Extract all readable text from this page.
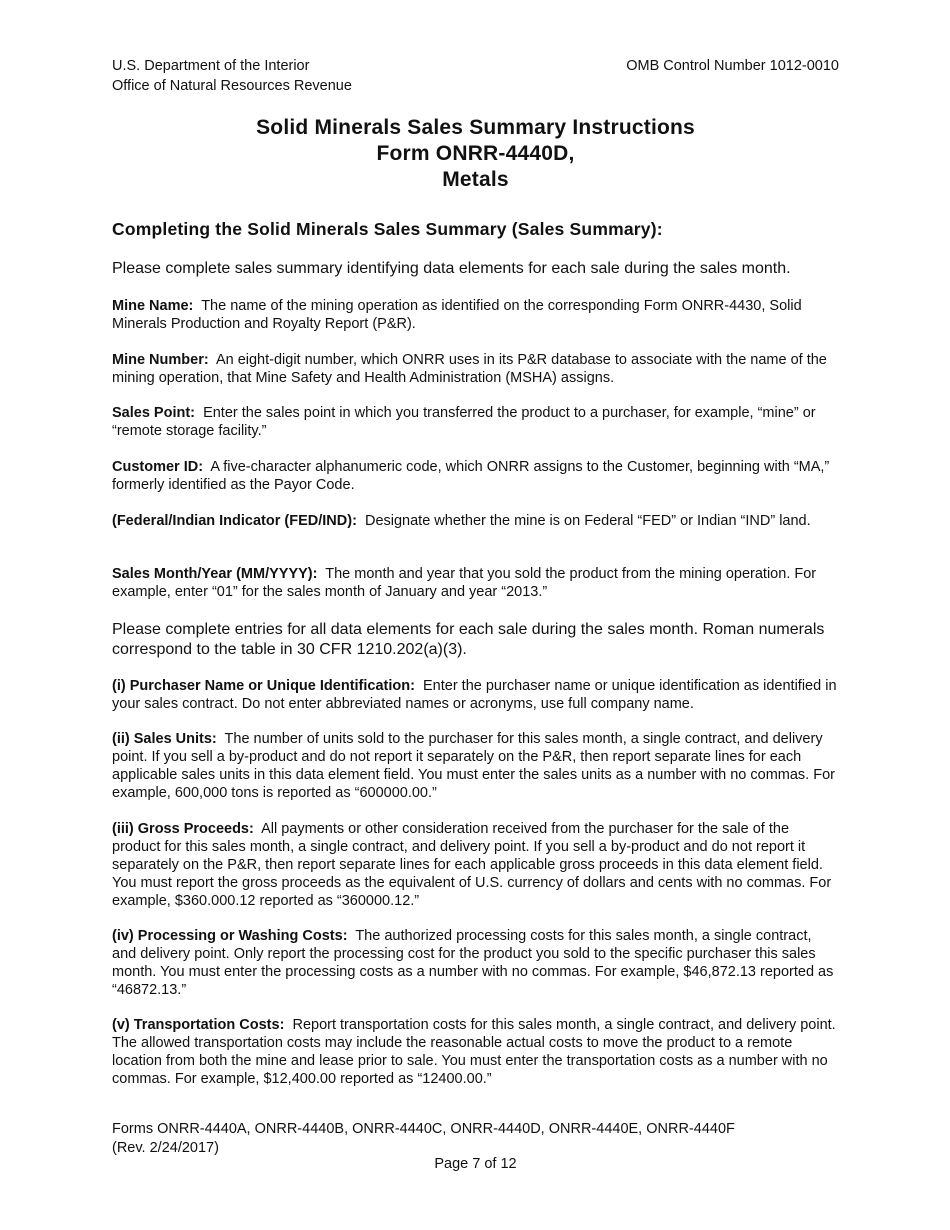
U.S. Department of the Interior
Office of Natural Resources Revenue
OMB Control Number 1012-0010
Solid Minerals Sales Summary Instructions
Form ONRR-4440D,
Metals
Completing the Solid Minerals Sales Summary (Sales Summary):
Please complete sales summary identifying data elements for each sale during the sales month.
Mine Name: The name of the mining operation as identified on the corresponding Form ONRR-4430, Solid Minerals Production and Royalty Report (P&R).
Mine Number: An eight-digit number, which ONRR uses in its P&R database to associate with the name of the mining operation, that Mine Safety and Health Administration (MSHA) assigns.
Sales Point: Enter the sales point in which you transferred the product to a purchaser, for example, “mine” or “remote storage facility.”
Customer ID: A five-character alphanumeric code, which ONRR assigns to the Customer, beginning with “MA,” formerly identified as the Payor Code.
(Federal/Indian Indicator (FED/IND): Designate whether the mine is on Federal “FED” or Indian “IND” land.
Sales Month/Year (MM/YYYY): The month and year that you sold the product from the mining operation. For example, enter “01” for the sales month of January and year “2013.”
Please complete entries for all data elements for each sale during the sales month. Roman numerals correspond to the table in 30 CFR 1210.202(a)(3).
(i) Purchaser Name or Unique Identification: Enter the purchaser name or unique identification as identified in your sales contract. Do not enter abbreviated names or acronyms, use full company name.
(ii) Sales Units: The number of units sold to the purchaser for this sales month, a single contract, and delivery point. If you sell a by-product and do not report it separately on the P&R, then report separate lines for each applicable sales units in this data element field. You must enter the sales units as a number with no commas. For example, 600,000 tons is reported as “600000.00.”
(iii) Gross Proceeds: All payments or other consideration received from the purchaser for the sale of the product for this sales month, a single contract, and delivery point. If you sell a by-product and do not report it separately on the P&R, then report separate lines for each applicable gross proceeds in this data element field. You must report the gross proceeds as the equivalent of U.S. currency of dollars and cents with no commas. For example, $360.000.12 reported as “360000.12.”
(iv) Processing or Washing Costs: The authorized processing costs for this sales month, a single contract, and delivery point. Only report the processing cost for the product you sold to the specific purchaser this sales month. You must enter the processing costs as a number with no commas. For example, $46,872.13 reported as “46872.13.”
(v) Transportation Costs: Report transportation costs for this sales month, a single contract, and delivery point. The allowed transportation costs may include the reasonable actual costs to move the product to a remote location from both the mine and lease prior to sale. You must enter the transportation costs as a number with no commas. For example, $12,400.00 reported as “12400.00.”
Forms ONRR-4440A, ONRR-4440B, ONRR-4440C, ONRR-4440D, ONRR-4440E, ONRR-4440F
(Rev. 2/24/2017)
Page 7 of 12
